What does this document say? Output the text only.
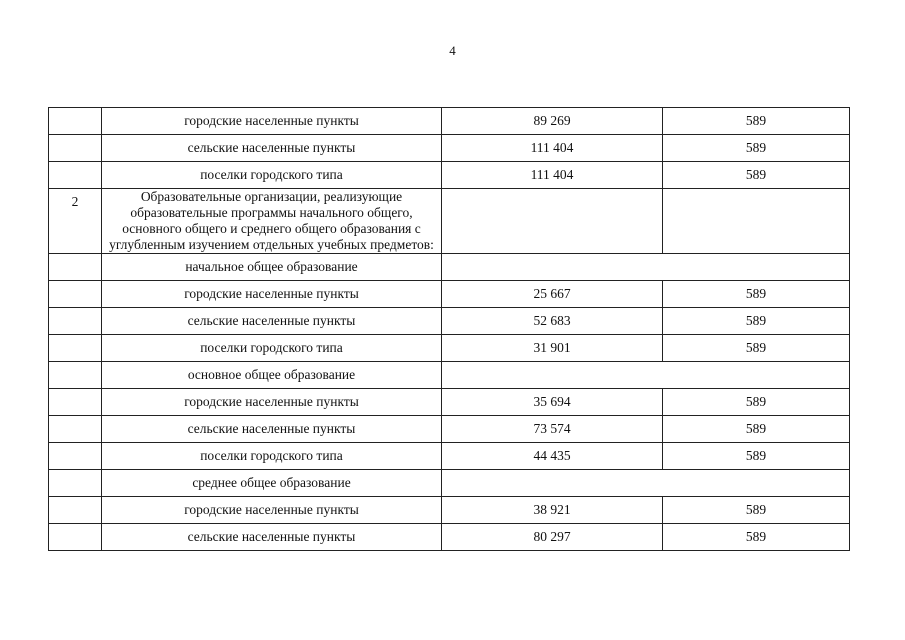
4
	городские населенные пункты	89 269	589
	сельские населенные пункты	111 404	589
	поселки городского типа	111 404	589
2	Образовательные организации, реализующие образовательные программы начального общего, основного общего и среднего общего образования с углубленным изучением отдельных учебных предметов:		
	начальное общее образование		
	городские населенные пункты	25 667	589
	сельские населенные пункты	52 683	589
	поселки городского типа	31 901	589
	основное общее образование		
	городские населенные пункты	35 694	589
	сельские населенные пункты	73 574	589
	поселки городского типа	44 435	589
	среднее общее образование		
	городские населенные пункты	38 921	589
	сельские населенные пункты	80 297	589
